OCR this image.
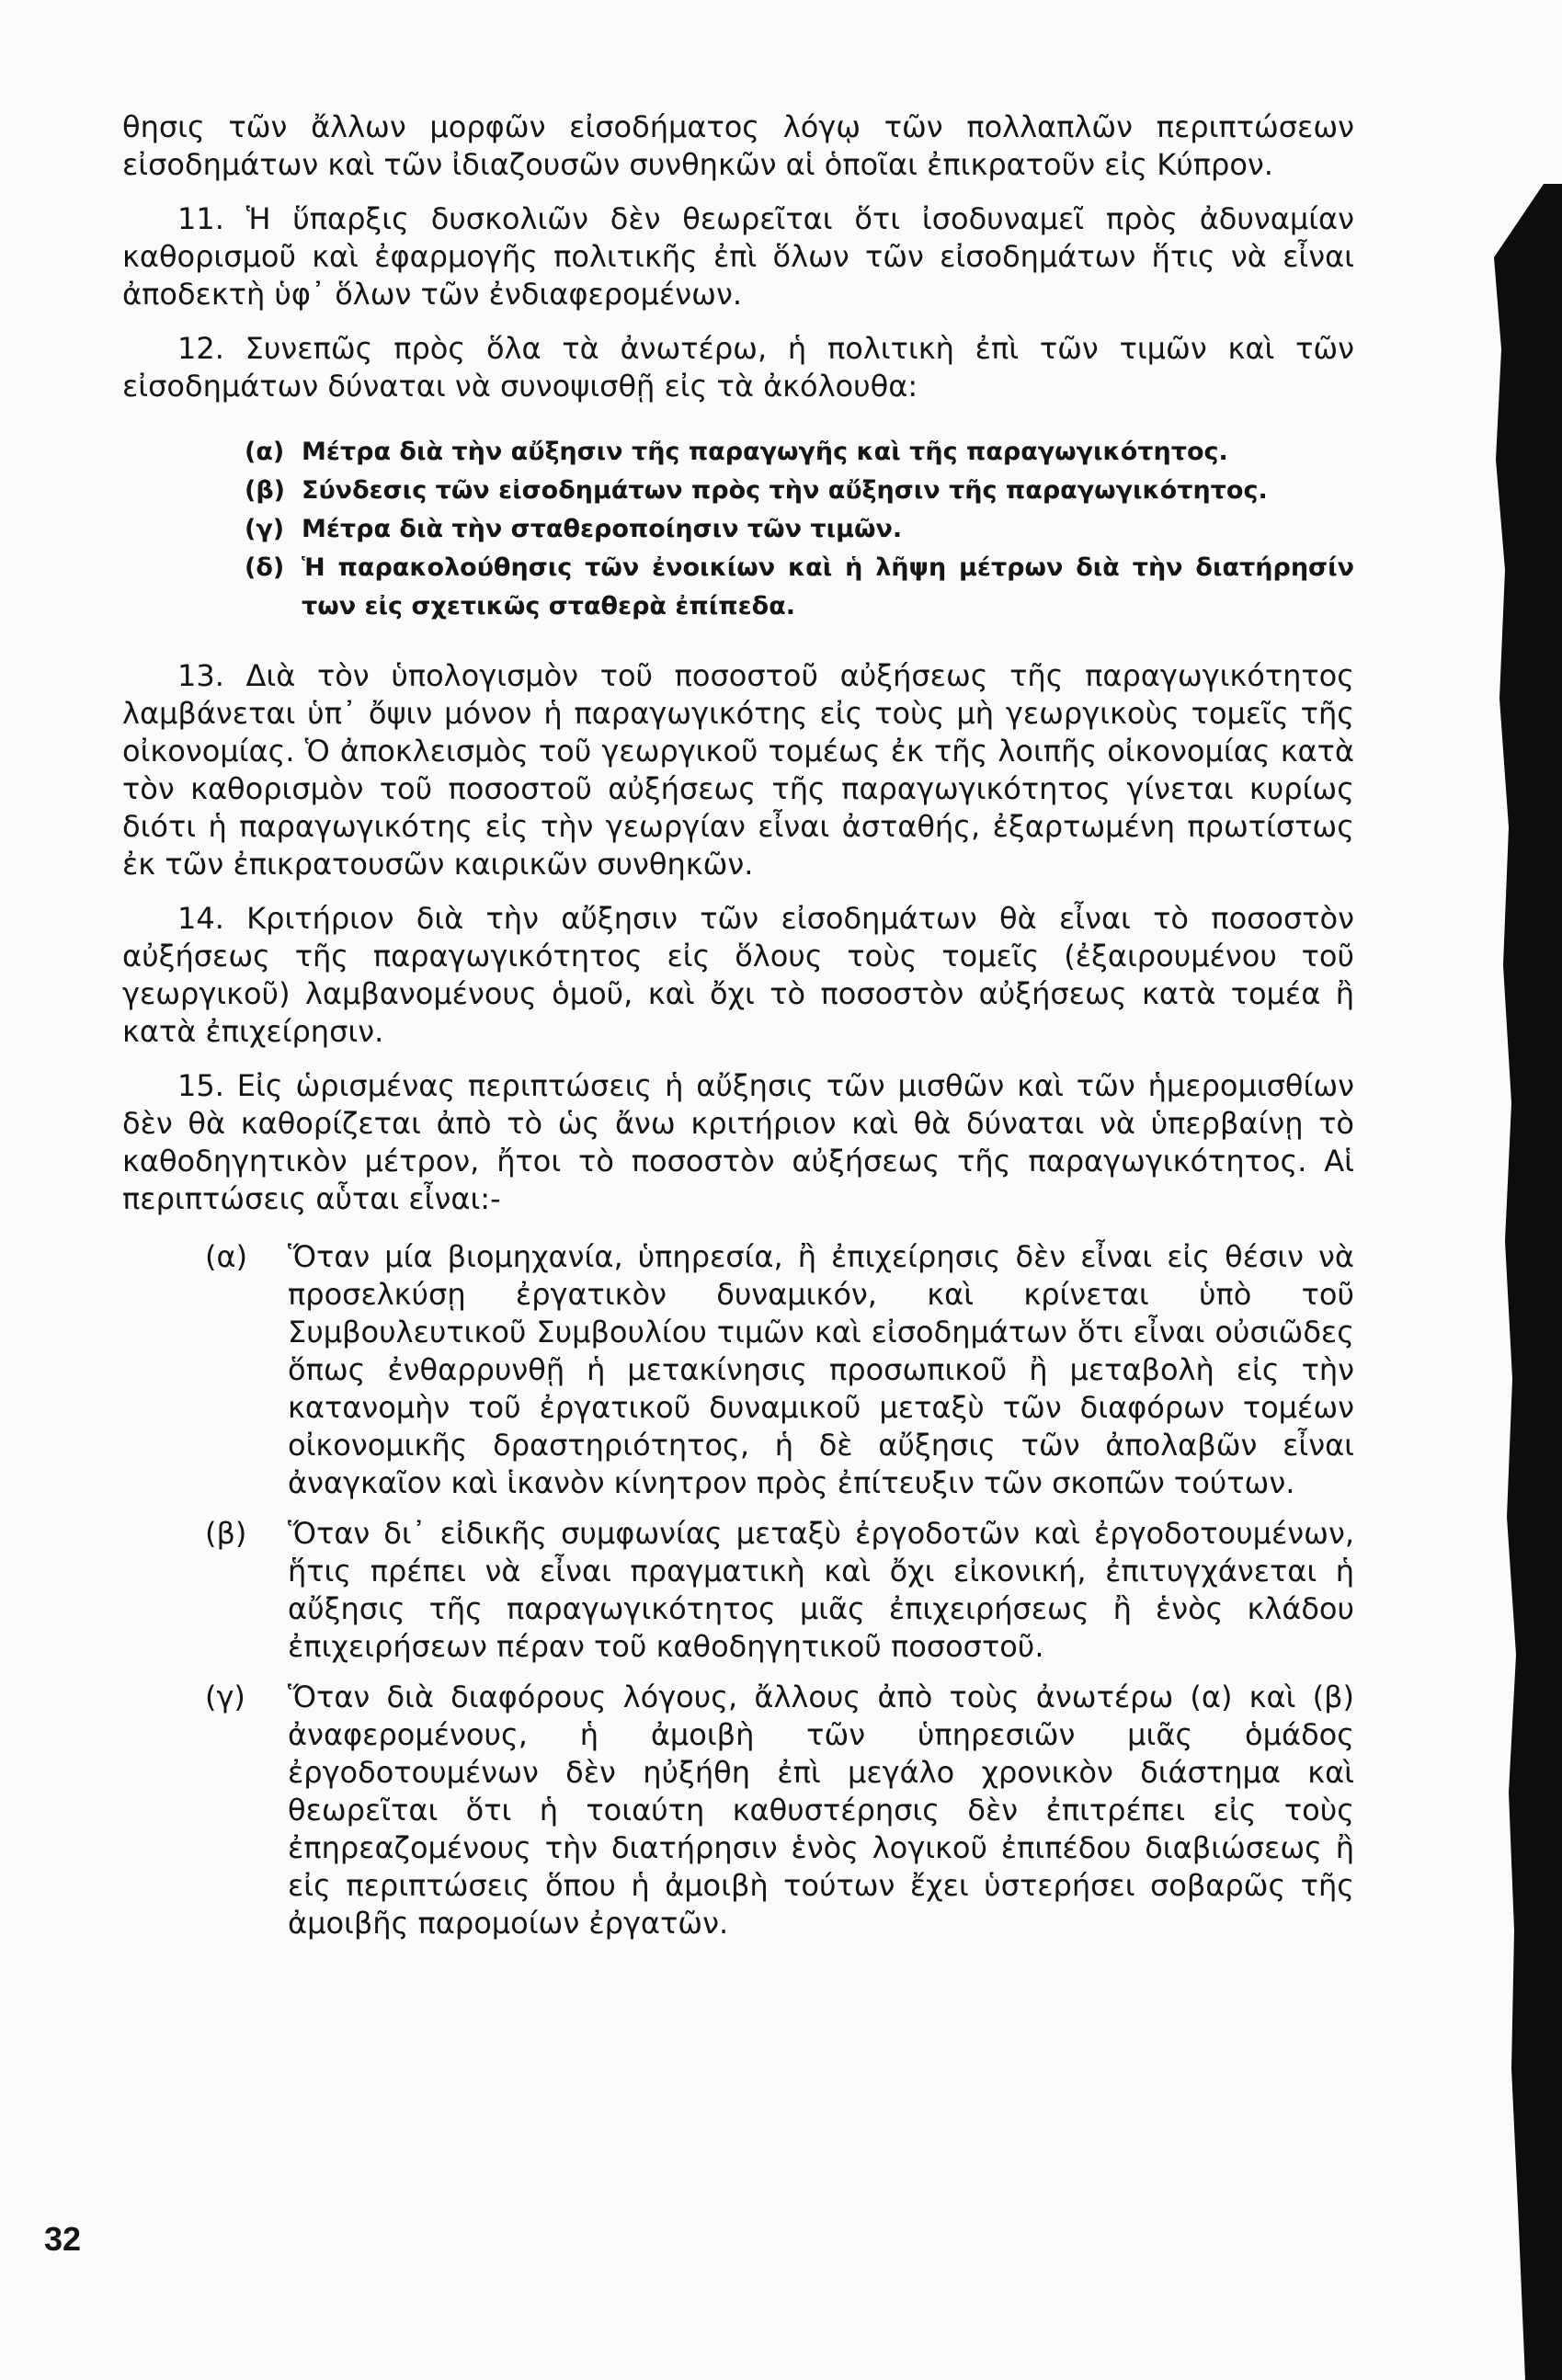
θησις τῶν ἄλλων μορφῶν εἰσοδήματος λόγῳ τῶν πολλαπλῶν περιπτώσεων εἰσοδημάτων καὶ τῶν ἰδιαζουσῶν συνθηκῶν αἱ ὁποῖαι ἐπικρατοῦν εἰς Κύπρον.

11. Ἡ ὕπαρξις δυσκολιῶν δὲν θεωρεῖται ὅτι ἰσοδυναμεῖ πρὸς ἀδυναμίαν καθορισμοῦ καὶ ἐφαρμογῆς πολιτικῆς ἐπὶ ὅλων τῶν εἰσοδημάτων ἥτις νὰ εἶναι ἀποδεκτὴ ὑφ᾽ ὅλων τῶν ἐνδιαφερομένων.

12. Συνεπῶς πρὸς ὅλα τὰ ἀνωτέρω, ἡ πολιτικὴ ἐπὶ τῶν τιμῶν καὶ τῶν εἰσοδημάτων δύναται νὰ συνοψισθῇ εἰς τὰ ἀκόλουθα:

(α) Μέτρα διὰ τὴν αὔξησιν τῆς παραγωγῆς καὶ τῆς παραγωγικότητος.
(β) Σύνδεσις τῶν εἰσοδημάτων πρὸς τὴν αὔξησιν τῆς παραγωγικότητος.
(γ) Μέτρα διὰ τὴν σταθεροποίησιν τῶν τιμῶν.
(δ) Ἡ παρακολούθησις τῶν ἐνοικίων καὶ ἡ λῆψη μέτρων διὰ τὴν διατήρησίν των εἰς σχετικῶς σταθερὰ ἐπίπεδα.

13. Διὰ τὸν ὑπολογισμὸν τοῦ ποσοστοῦ αὐξήσεως τῆς παραγωγικότητος λαμβάνεται ὑπ᾽ ὄψιν μόνον ἡ παραγωγικότης εἰς τοὺς μὴ γεωργικοὺς τομεῖς τῆς οἰκονομίας. Ὁ ἀποκλεισμὸς τοῦ γεωργικοῦ τομέως ἐκ τῆς λοιπῆς οἰκονομίας κατὰ τὸν καθορισμὸν τοῦ ποσοστοῦ αὐξήσεως τῆς παραγωγικότητος γίνεται κυρίως διότι ἡ παραγωγικότης εἰς τὴν γεωργίαν εἶναι ἀσταθής, ἐξαρτωμένη πρωτίστως ἐκ τῶν ἐπικρατουσῶν καιρικῶν συνθηκῶν.

14. Κριτήριον διὰ τὴν αὔξησιν τῶν εἰσοδημάτων θὰ εἶναι τὸ ποσοστὸν αὐξήσεως τῆς παραγωγικότητος εἰς ὅλους τοὺς τομεῖς (ἐξαιρουμένου τοῦ γεωργικοῦ) λαμβανομένους ὁμοῦ, καὶ ὄχι τὸ ποσοστὸν αὐξήσεως κατὰ τομέα ἢ κατὰ ἐπιχείρησιν.

15. Εἰς ὡρισμένας περιπτώσεις ἡ αὔξησις τῶν μισθῶν καὶ τῶν ἡμερομισθίων δὲν θὰ καθορίζεται ἀπὸ τὸ ὡς ἄνω κριτήριον καὶ θὰ δύναται νὰ ὑπερβαίνῃ τὸ καθοδηγητικὸν μέτρον, ἤτοι τὸ ποσοστὸν αὐξήσεως τῆς παραγωγικότητος. Αἱ περιπτώσεις αὗται εἶναι:-

(α)	Ὅταν μία βιομηχανία, ὑπηρεσία, ἢ ἐπιχείρησις δὲν εἶναι εἰς θέσιν νὰ προσελκύσῃ ἐργατικὸν δυναμικόν, καὶ κρίνεται ὑπὸ τοῦ Συμβουλευτικοῦ Συμβουλίου τιμῶν καὶ εἰσοδημάτων ὅτι εἶναι οὐσιῶδες ὅπως ἐνθαρρυνθῇ ἡ μετακίνησις προσωπικοῦ ἢ μεταβολὴ εἰς τὴν κατανομὴν τοῦ ἐργατικοῦ δυναμικοῦ μεταξὺ τῶν διαφόρων τομέων οἰκονομικῆς δραστηριότητος, ἡ δὲ αὔξησις τῶν ἀπολαβῶν εἶναι ἀναγκαῖον καὶ ἱκανὸν κίνητρον πρὸς ἐπίτευξιν τῶν σκοπῶν τούτων.
(β)	Ὅταν δι᾽ εἰδικῆς συμφωνίας μεταξὺ ἐργοδοτῶν καὶ ἐργοδοτουμένων, ἥτις πρέπει νὰ εἶναι πραγματικὴ καὶ ὄχι εἰκονική, ἐπιτυγχάνεται ἡ αὔξησις τῆς παραγωγικότητος μιᾶς ἐπιχειρήσεως ἢ ἑνὸς κλάδου ἐπιχειρήσεων πέραν τοῦ καθοδηγητικοῦ ποσοστοῦ.
(γ)	Ὅταν διὰ διαφόρους λόγους, ἄλλους ἀπὸ τοὺς ἀνωτέρω (α) καὶ (β) ἀναφερομένους, ἡ ἀμοιβὴ τῶν ὑπηρεσιῶν μιᾶς ὁμάδος ἐργοδοτουμένων δὲν ηὐξήθη ἐπὶ μεγάλο χρονικὸν διάστημα καὶ θεωρεῖται ὅτι ἡ τοιαύτη καθυστέρησις δὲν ἐπιτρέπει εἰς τοὺς ἐπηρεαζομένους τὴν διατήρησιν ἑνὸς λογικοῦ ἐπιπέδου διαβιώσεως ἢ εἰς περιπτώσεις ὅπου ἡ ἀμοιβὴ τούτων ἔχει ὑστερήσει σοβαρῶς τῆς ἀμοιβῆς παρομοίων ἐργατῶν.
32
